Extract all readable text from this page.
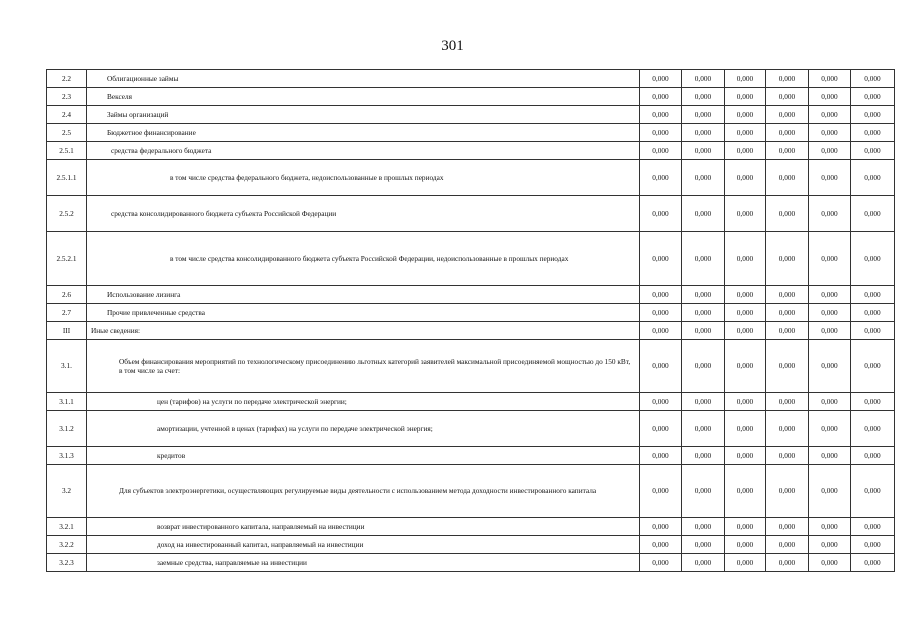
301
2.2	Облигационные займы	0,000	0,000	0,000	0,000	0,000	0,000
2.3	Векселя	0,000	0,000	0,000	0,000	0,000	0,000
2.4	Займы организаций	0,000	0,000	0,000	0,000	0,000	0,000
2.5	Бюджетное финансирование	0,000	0,000	0,000	0,000	0,000	0,000
2.5.1	средства федерального бюджета	0,000	0,000	0,000	0,000	0,000	0,000
2.5.1.1	в том числе средства федерального бюджета, недоиспользованные в прошлых периодах	0,000	0,000	0,000	0,000	0,000	0,000
2.5.2	средства консолидированного бюджета субъекта Российской Федерации	0,000	0,000	0,000	0,000	0,000	0,000
2.5.2.1	в том числе средства консолидированного бюджета субъекта Российской Федерации, недоиспользованные в прошлых периодах	0,000	0,000	0,000	0,000	0,000	0,000
2.6	Использование лизинга	0,000	0,000	0,000	0,000	0,000	0,000
2.7	Прочие привлеченные средства	0,000	0,000	0,000	0,000	0,000	0,000
III	Иные сведения:	0,000	0,000	0,000	0,000	0,000	0,000
3.1.	Объем финансирования мероприятий по технологическому присоединению льготных категорий заявителей максимальной присоединяемой мощностью до 150 кВт, в том числе за счет:	0,000	0,000	0,000	0,000	0,000	0,000
3.1.1	цен (тарифов) на услуги по передаче электрической энергии;	0,000	0,000	0,000	0,000	0,000	0,000
3.1.2	амортизации, учтенной в ценах (тарифах) на услуги по передаче электрической энергия;	0,000	0,000	0,000	0,000	0,000	0,000
3.1.3	кредитов	0,000	0,000	0,000	0,000	0,000	0,000
3.2	Для субъектов электроэнергетики, осуществляющих регулируемые виды деятельности с использованием метода доходности инвестированного капитала	0,000	0,000	0,000	0,000	0,000	0,000
3.2.1	возврат инвестированного капитала, направляемый на инвестиции	0,000	0,000	0,000	0,000	0,000	0,000
3.2.2	доход на инвестированный капитал, направляемый на инвестиции	0,000	0,000	0,000	0,000	0,000	0,000
3.2.3	заемные средства, направляемые на инвестиции	0,000	0,000	0,000	0,000	0,000	0,000
